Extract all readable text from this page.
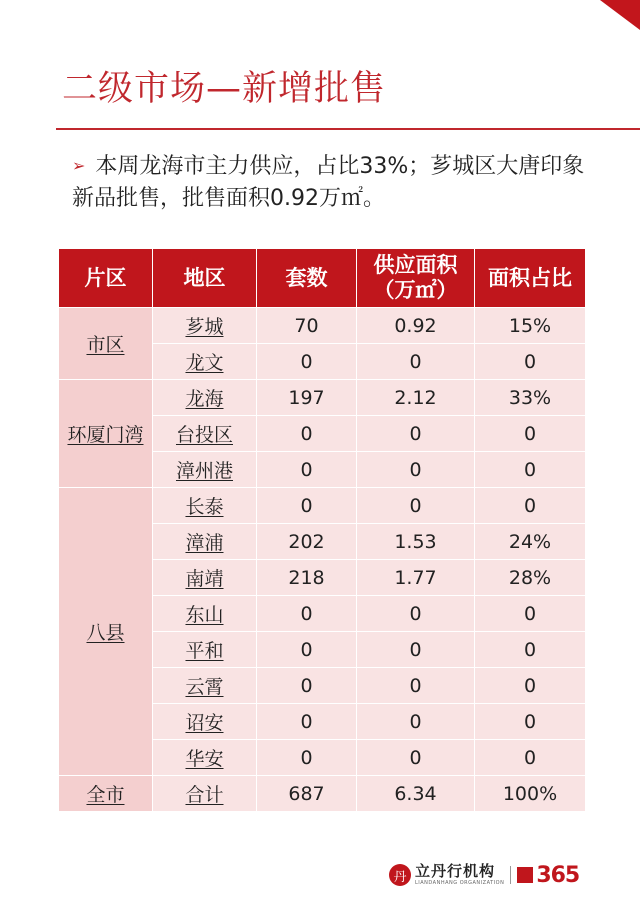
二级市场—新增批售
➢ 本周龙海市主力供应，占比33%；芗城区大唐印象新品批售，批售面积0.92万㎡。
片区	地区	套数	供应面积（万㎡）	面积占比
市区	芗城	70	0.92	15%
	龙文	0	0	0
环厦门湾	龙海	197	2.12	33%
	台投区	0	0	0
	漳州港	0	0	0
八县	长泰	0	0	0
	漳浦	202	1.53	24%
	南靖	218	1.77	28%
	东山	0	0	0
	平和	0	0	0
	云霄	0	0	0
	诏安	0	0	0
	华安	0	0	0
全市	合计	687	6.34	100%
丹 立丹行机构
LIANDANHANG ORGANIZATION 365
